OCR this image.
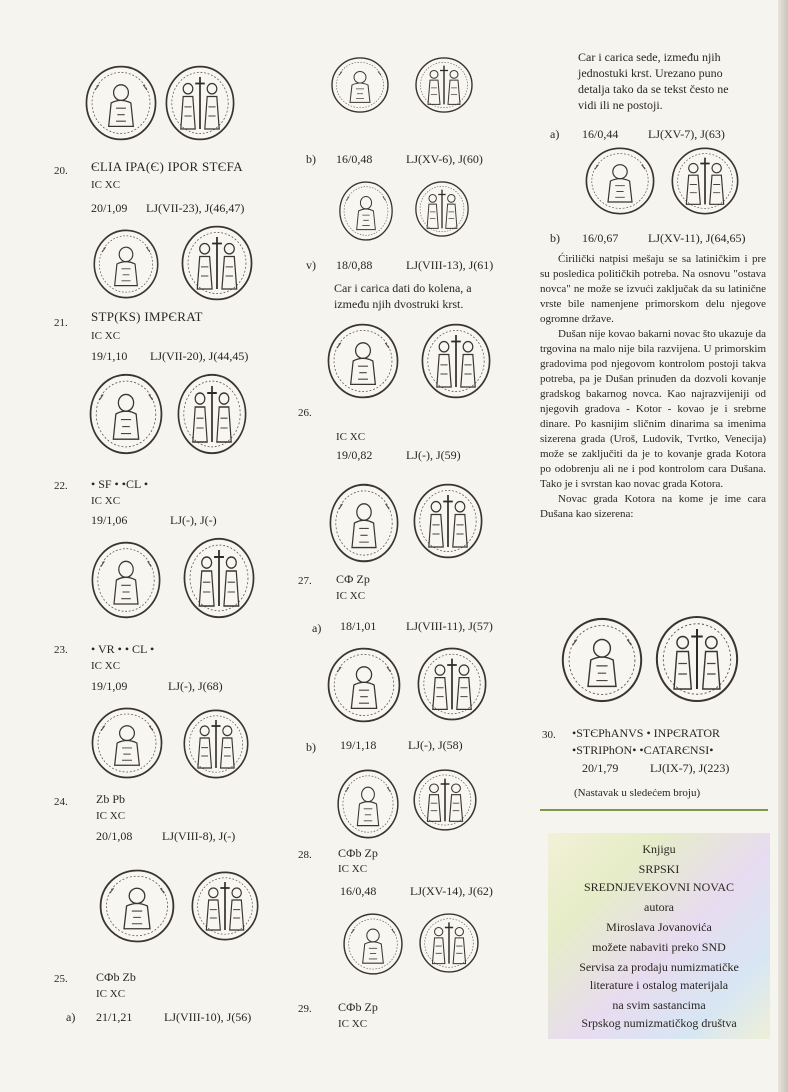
20. ЄLIA IPA(Є) IPOR STЄFA
IC XC
20/1,09 LJ(VII-23), J(46,47)
21. STP(KS) IMPЄRAT
IC XC
19/1,10 LJ(VII-20), J(44,45)
22. • SF • •CL •
IC XC
19/1,06	LJ(-), J(-)
23. • VR • • CL •
IC XC
19/1,09	LJ(-), J(68)
24. Zb Pb
IC XC
20/1,08 LJ(VIII-8), J(-)
25. CФb Zb
IC XC
a) 21/1,21	LJ(VIII-10), J(56)
b) 16/0,48	LJ(XV-6), J(60)
v) 18/0,88	LJ(VIII-13), J(61)
Car i carica dati do kolena, a
između njih dvostruki krst.
26.
IC XC
19/0,82	LJ(-), J(59)
27. CФ Zp
IC XC
a) 18/1,01 LJ(VIII-11), J(57)
b) 19/1,18	LJ(-), J(58)
28. CФb Zp
IC XC
16/0,48	LJ(XV-14), J(62)
29. CФb Zp
IC XC
Car i carica sede, između njih
jednostuki krst. Urezano puno
detalja tako da se tekst često ne
vidi ili ne postoji.
a) 16/0,44 LJ(XV-7), J(63)
b) 16/0,67 LJ(XV-11), J(64,65)

Ćirilički natpisi mešaju se sa latiničkim i pre su posledica političkih potreba. Na osnovu "ostava novca" ne može se izvući zaključak da su latinične vrste bile namenjene primorskom delu njegove ogromne države.

Dušan nije kovao bakarni novac što ukazuje da trgovina na malo nije bila razvijena. U primorskim gradovima pod njegovom kontrolom postoji takva potreba, pa je Dušan prinuđen da dozvoli kovanje gradskog bakarnog novca. Kao najrazvijeniji od njegovih gradova - Kotor - kovao je i srebrne dinare. Po kasnijim sličnim dinarima sa imenima sizerena grada (Uroš, Ludovik, Tvrtko, Venecija) može se zaključiti da je to kovanje grada Kotora po odobrenju ali ne i pod kontrolom cara Dušana. Tako je i svrstan kao novac grada Kotora.

Novac grada Kotora na kome je ime cara Dušana kao sizerena:

30. •STЄPhANVS • INPЄRATOR
•STRIPhON• •CATARЄNSI•
20/1,79	LJ(IX-7), J(223)
(Nastavak u sledećem broju)
Knjigu
SRPSKI
SREDNJEVEKOVNI NOVAC
autora
Miroslava Jovanovića
možete nabaviti preko SND
Servisa za prodaju numizmatičke
literature i ostalog materijala
na svim sastancima
Srpskog numizmatičkog društva
